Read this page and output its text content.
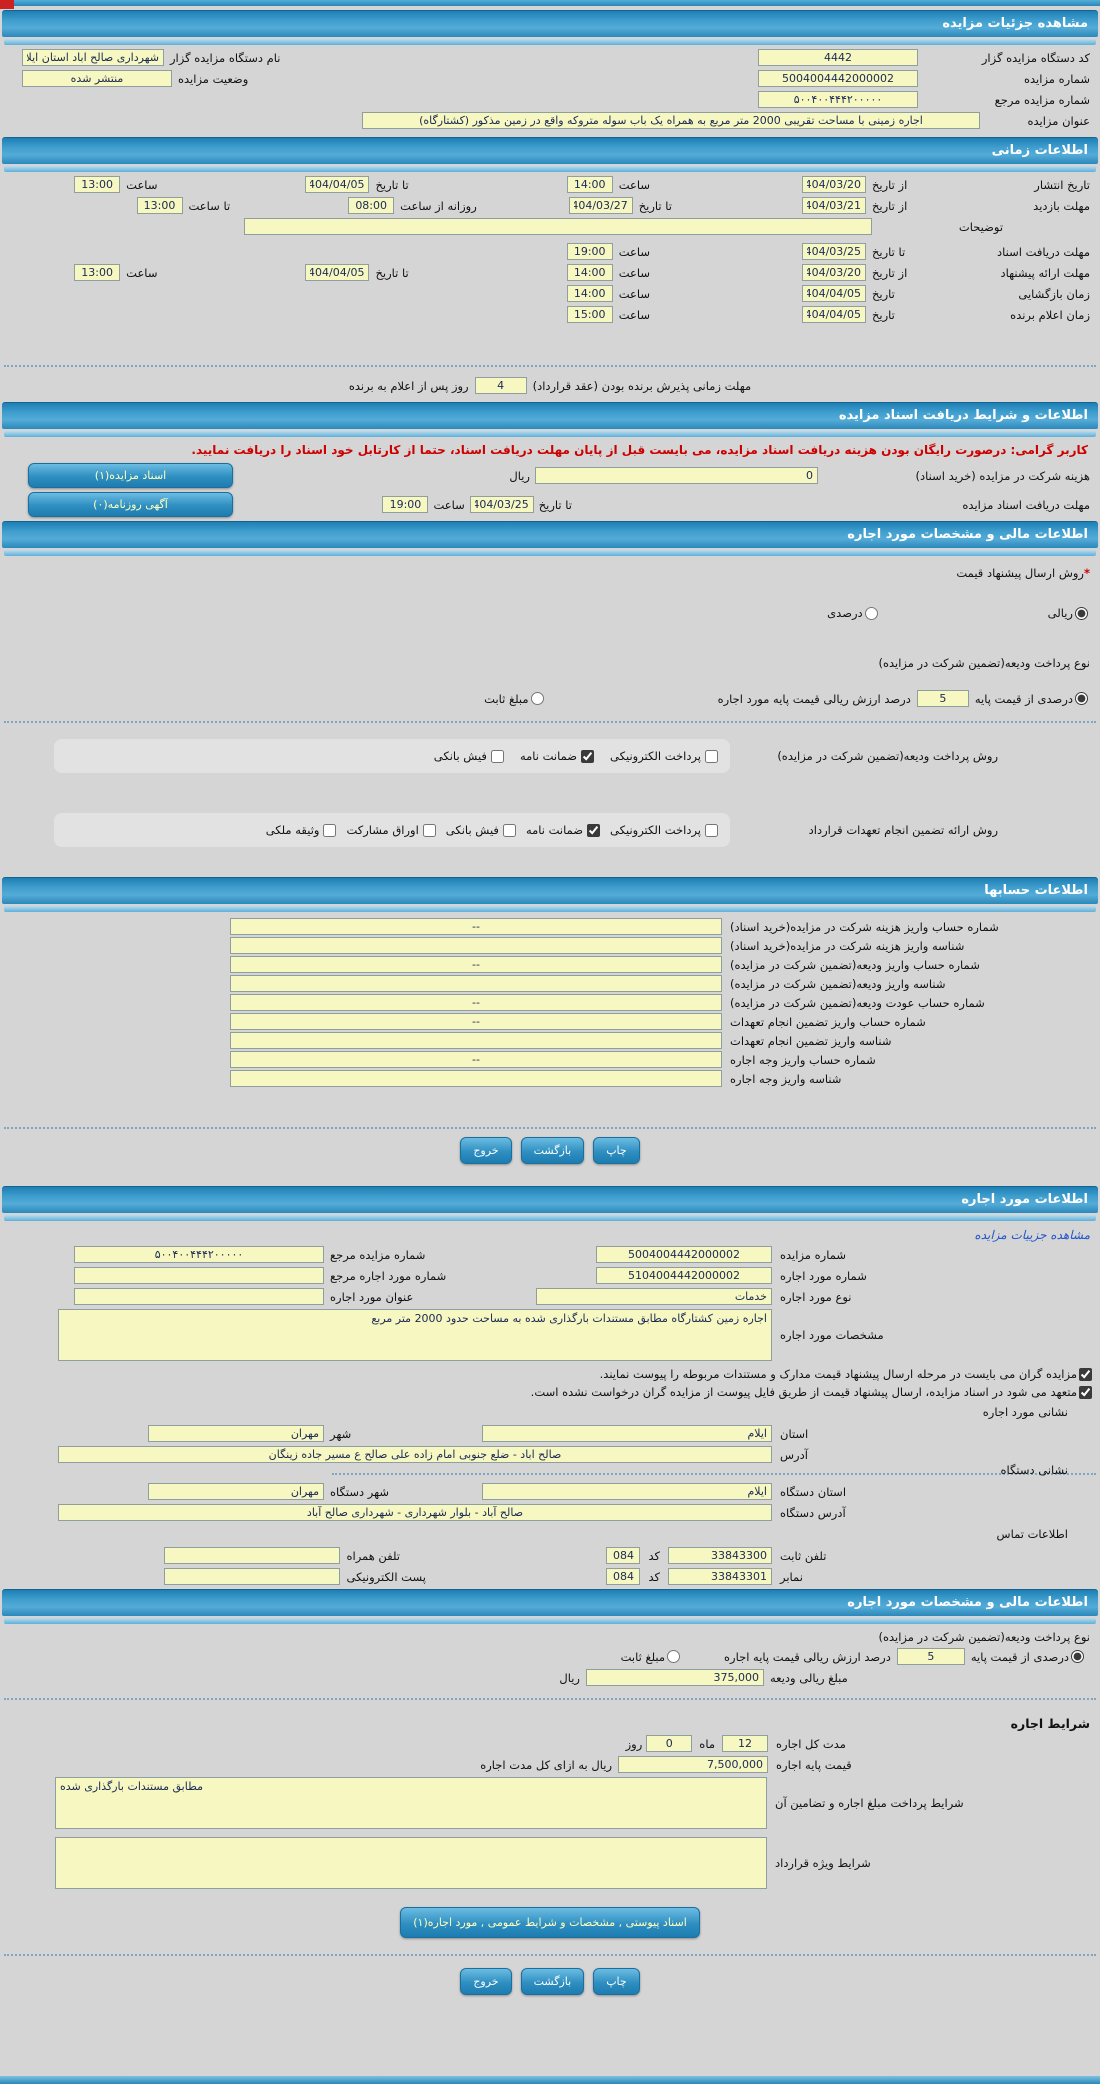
مشاهده جزئیات مزایده
کد دستگاه مزایده گزار
4442
نام دستگاه مزایده گزار
شهرداری صالح اباد استان ایلام
شماره مزایده
5004004442000002
وضعیت مزایده
منتشر شده
شماره مزایده مرجع
۵۰۰۴۰۰۴۴۴۲۰۰۰۰۰
عنوان مزایده
اجاره زمینی با مساحت تقریبی 2000 متر مربع به همراه یک باب سوله متروکه واقع در زمین مذکور (کشتارگاه)
اطلاعات زمانی
تاریخ انتشار
از تاریخ
1404/03/20
ساعت
14:00
تا تاریخ
1404/04/05
ساعت
13:00
مهلت بازدید
از تاریخ
1404/03/21
تا تاریخ
1404/03/27
روزانه از ساعت
08:00
تا ساعت
13:00
توضیحات
مهلت دریافت اسناد
تا تاریخ
1404/03/25
ساعت
19:00
مهلت ارائه پیشنهاد
از تاریخ
1404/03/20
ساعت
14:00
تا تاریخ
1404/04/05
ساعت
13:00
زمان بازگشایی
تاریخ
1404/04/05
ساعت
14:00
زمان اعلام برنده
تاریخ
1404/04/05
ساعت
15:00
مهلت زمانی پذیرش برنده بودن (عقد قرارداد)
4
روز پس از اعلام به برنده
اطلاعات و شرایط دریافت اسناد مزایده
کاربر گرامی: درصورت رایگان بودن هزینه دریافت اسناد مزایده، می بایست قبل از پایان مهلت دریافت اسناد، حتما از کارتابل خود اسناد را دریافت نمایید.
هزینه شرکت در مزایده (خرید اسناد)
0
ریال
اسناد مزایده(۱)
مهلت دریافت اسناد مزایده
تا تاریخ
1404/03/25
ساعت
19:00
آگهی روزنامه(۰)
اطلاعات مالی و مشخصات مورد اجاره
*
روش ارسال پیشنهاد قیمت
ریالی
درصدی
نوع پرداخت ودیعه(تضمین شرکت در مزایده)
درصدی از قیمت پایه
5
درصد ارزش ریالی قیمت پایه مورد اجاره
مبلغ ثابت
روش پرداخت ودیعه(تضمین شرکت در مزایده)
پرداخت الکترونیکی
ضمانت نامه
فیش بانکی
روش ارائه تضمین انجام تعهدات قرارداد
پرداخت الکترونیکی
ضمانت نامه
فیش بانکی
اوراق مشارکت
وثیقه ملکی
اطلاعات حسابها
شماره حساب واریز هزینه شرکت در مزایده(خرید اسناد)
--
شناسه واریز هزینه شرکت در مزایده(خرید اسناد)
شماره حساب واریز ودیعه(تضمین شرکت در مزایده)
--
شناسه واریز ودیعه(تضمین شرکت در مزایده)
شماره حساب عودت ودیعه(تضمین شرکت در مزایده)
--
شماره حساب واریز تضمین انجام تعهدات
--
شناسه واریز تضمین انجام تعهدات
شماره حساب واریز وجه اجاره
--
شناسه واریز وجه اجاره
چاپ
بازگشت
خروج
اطلاعات مورد اجاره
مشاهده جزییات مزایده
شماره مزایده
5004004442000002
شماره مزایده مرجع
۵۰۰۴۰۰۴۴۴۲۰۰۰۰۰
شماره مورد اجاره
5104004442000002
شماره مورد اجاره مرجع
نوع مورد اجاره
خدمات
عنوان مورد اجاره
مشخصات مورد اجاره
اجاره زمین کشتارگاه مطابق مستندات بارگذاری شده به مساحت حدود 2000 متر مربع
مزایده گران می بایست در مرحله ارسال پیشنهاد قیمت مدارک و مستندات مربوطه را پیوست نمایند.
متعهد می شود در اسناد مزایده، ارسال پیشنهاد قیمت از طریق فایل پیوست از مزایده گران درخواست نشده است.
نشانی مورد اجاره
استان
ایلام
شهر
مهران
آدرس
صالح اباد - ضلع جنوبی امام زاده علی صالح ع مسیر جاده زینگان
نشانی دستگاه
استان دستگاه
ایلام
شهر دستگاه
مهران
آدرس دستگاه
صالح آباد - بلوار شهرداری - شهرداری صالح آباد
اطلاعات تماس
تلفن ثابت
33843300
کد
084
تلفن همراه
نمابر
33843301
کد
084
پست الکترونیکی
اطلاعات مالی و مشخصات مورد اجاره
نوع پرداخت ودیعه(تضمین شرکت در مزایده)
درصدی از قیمت پایه
5
درصد ارزش ریالی قیمت پایه اجاره
مبلغ ثابت
مبلغ ریالی ودیعه
375,000
ریال
شرایط اجاره
مدت کل اجاره
12
ماه
0
روز
قیمت پایه اجاره
7,500,000
ریال به ازای کل مدت اجاره
شرایط پرداخت مبلغ اجاره و تضامین آن
مطابق مستندات بارگذاری شده
شرایط ویژه قرارداد
اسناد پیوستی , مشخصات و شرایط عمومی , مورد اجاره(۱)
چاپ
بازگشت
خروج
